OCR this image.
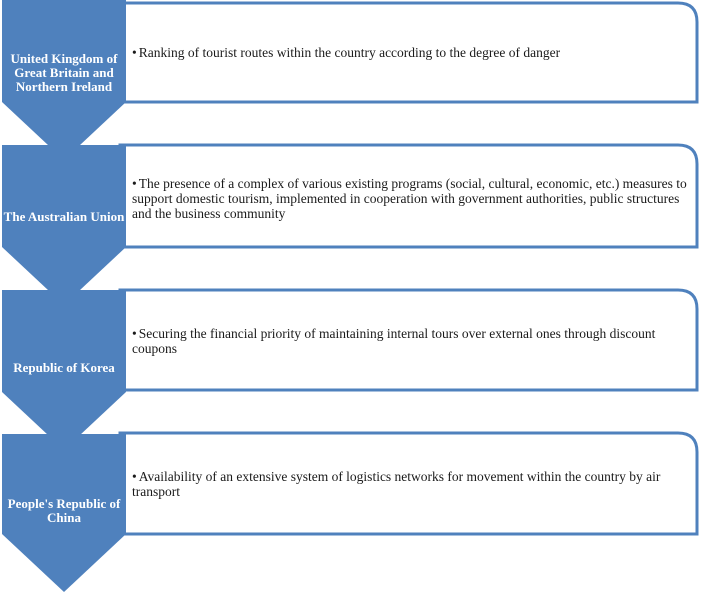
United Kingdom of Great Britain and Northern Ireland
The Australian Union
Republic of Korea
People's Republic of China

• Ranking of tourist routes within the country according to the degree of danger

• The presence of a complex of various existing programs (social, cultural, economic, etc.) measures to support domestic tourism, implemented in cooperation with government authorities, public structures and the business community

• Securing the financial priority of maintaining internal tours over external ones through discount coupons

• Availability of an extensive system of logistics networks for movement within the country by air transport
